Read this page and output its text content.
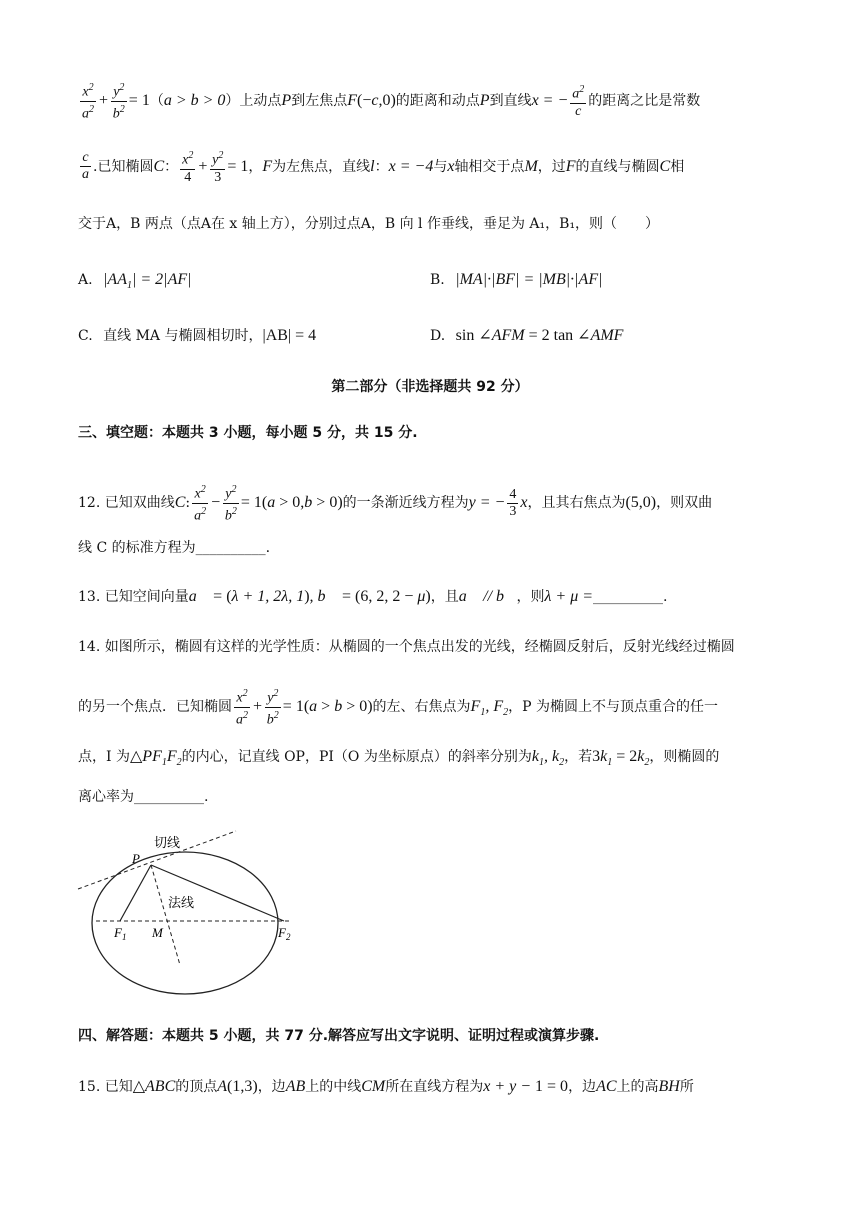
$\frac{x^2}{a^2} + \frac{y^2}{b^2} = 1(a > b > 0)$上动点P到左焦点F(−c,0)的距离和动点P到直线x = − $\frac{a^2}{c}$ 的距离之比是常数
$\frac{c}{a}$ .已知椭圆C： $\frac{x^2}{4} + \frac{y^2}{3} = 1$，F为左焦点，直线l：x = −4与x轴相交于点M，过F的直线与椭圆C相
交于A，B 两点（点A在 x 轴上方），分别过点A，B 向 l 作垂线，垂足为 A₁，B₁，则（　　）
A. $|AA_1| = 2|AF|$	B. |MA|·|BF| = |MB|·|AF|
C. 直线 MA 与椭圆相切时，|AB| = 4	D. sin ∠AFM = 2 tan ∠AMF
第二部分（非选择题共 92 分）
三、填空题：本题共 3 小题，每小题 5 分，共 15 分.
12. 已知双曲线C: $\frac{x^2}{a^2} - \frac{y^2}{b^2} = 1(a > 0,b > 0)$的一条渐近线方程为y = − $\frac{4}{3}$ x，且其右焦点为(5,0)，则双曲
线 C 的标准方程为__________.
13. 已知空间向量a⃗ = (λ + 1, 2λ, 1), b⃗ = (6, 2, 2 − μ)，且a⃗ // b⃗，则λ + μ =__________.
14. 如图所示，椭圆有这样的光学性质：从椭圆的一个焦点出发的光线，经椭圆反射后，反射光线经过椭圆
的另一个焦点．已知椭圆 $\frac{x^2}{a^2} + \frac{y^2}{b^2} = 1(a > b > 0)$的左、右焦点为$F_1$, $F_2$，P 为椭圆上不与顶点重合的任一
点，I 为$\triangle PF_1F_2$的内心，记直线 OP，PI（O 为坐标原点）的斜率分别为$k_1$, $k_2$，若$3k_1 = 2k_2$，则椭圆的
离心率为__________.
切线
法线
P
M
$F_1$	$F_2$
四、解答题：本题共 5 小题，共 77 分.解答应写出文字说明、证明过程或演算步骤.
15. 已知△ABC的顶点A(1,3)，边AB上的中线CM所在直线方程为x + y − 1 = 0，边AC上的高BH所
